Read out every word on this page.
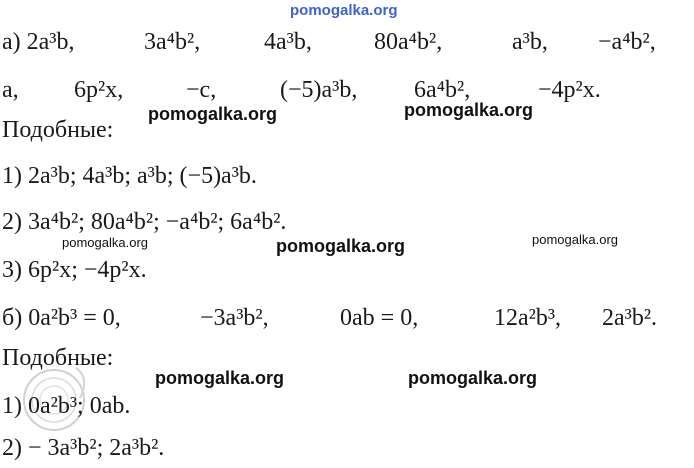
pomogalka.org
а) 2a³b,	3a⁴b²,	4a³b,	80a⁴b²,	a³b, −a⁴b²,
a, 6p²x,	−c,	(−5)a³b, 6a⁴b²,	−4p²x.
pomogalka.org	pomogalka.org
Подобные:
1) 2a³b; 4a³b; a³b; (−5)a³b.
2) 3a⁴b²; 80a⁴b²; −a⁴b²; 6a⁴b².
pomogalka.org	pomogalka.org	pomogalka.org
3) 6p²x; −4p²x.
б) 0a²b³ = 0,	−3a³b²,	0ab = 0,	12a²b³, 2a³b².
Подобные:
pomogalka.org	pomogalka.org
1) 0a²b³; 0ab.
2) − 3a³b²; 2a³b².
